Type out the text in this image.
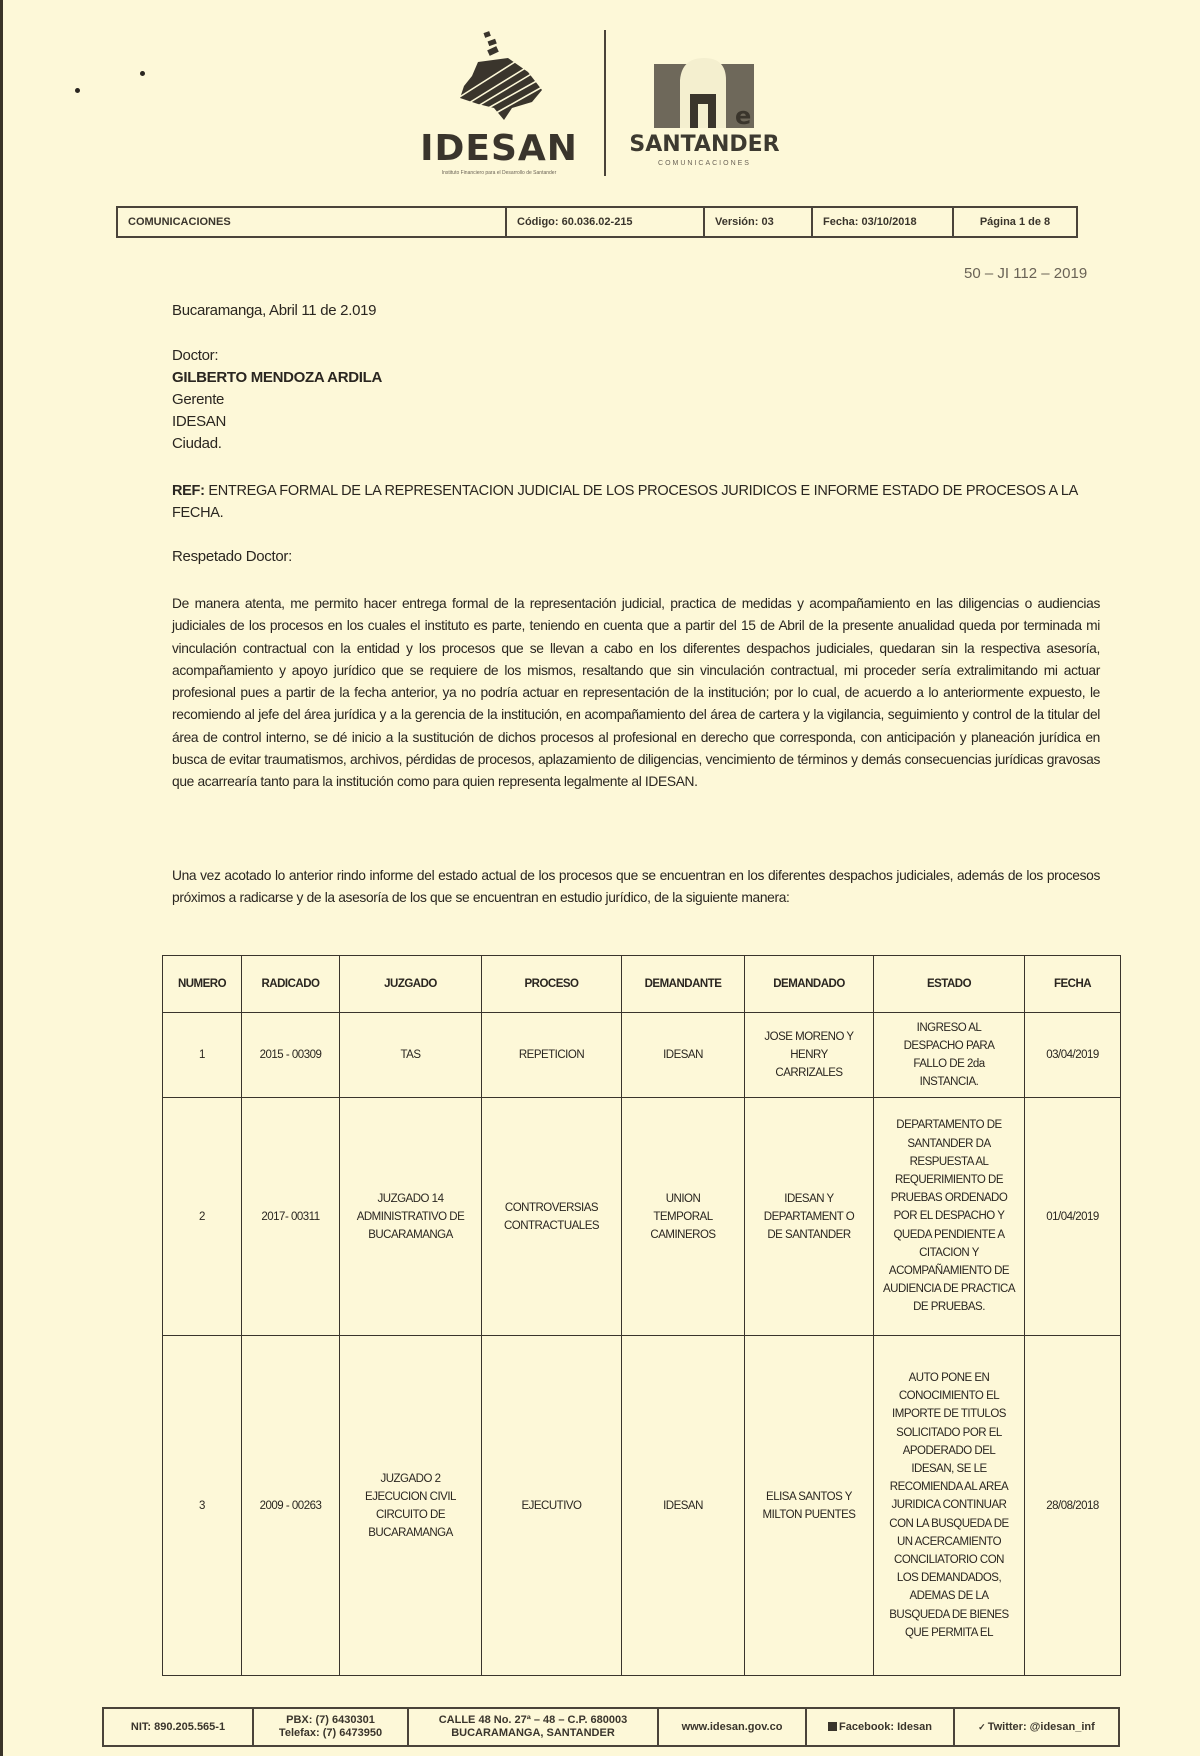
IDESAN
Instituto Financiero para el Desarrollo de Santander
e
SANTANDER
COMUNICACIONES
COMUNICACIONES	Código: 60.036.02-215	Versión: 03	Fecha: 03/10/2018	Página 1 de 8
50 – JI 112 – 2019
Bucaramanga, Abril 11 de 2.019
Doctor:
GILBERTO MENDOZA ARDILA
Gerente
IDESAN
Ciudad.
REF: ENTREGA FORMAL DE LA REPRESENTACION JUDICIAL DE LOS PROCESOS JURIDICOS E INFORME ESTADO DE PROCESOS A LA FECHA.
Respetado Doctor:
De manera atenta, me permito hacer entrega formal de la representación judicial, practica de medidas y acompañamiento en las diligencias o audiencias judiciales de los procesos en los cuales el instituto es parte, teniendo en cuenta que a partir del 15 de Abril de la presente anualidad queda por terminada mi vinculación contractual con la entidad y los procesos que se llevan a cabo en los diferentes despachos judiciales, quedaran sin la respectiva asesoría, acompañamiento y apoyo jurídico que se requiere de los mismos, resaltando que sin vinculación contractual, mi proceder sería extralimitando mi actuar profesional pues a partir de la fecha anterior, ya no podría actuar en representación de la institución; por lo cual, de acuerdo a lo anteriormente expuesto, le recomiendo al jefe del área jurídica y a la gerencia de la institución, en acompañamiento del área de cartera y la vigilancia, seguimiento y control de la titular del área de control interno, se dé inicio a la sustitución de dichos procesos al profesional en derecho que corresponda, con anticipación y planeación jurídica en busca de evitar traumatismos, archivos, pérdidas de procesos, aplazamiento de diligencias, vencimiento de términos y demás consecuencias jurídicas gravosas que acarrearía tanto para la institución como para quien representa legalmente al IDESAN.
Una vez acotado lo anterior rindo informe del estado actual de los procesos que se encuentran en los diferentes despachos judiciales, además de los procesos próximos a radicarse y de la asesoría de los que se encuentran en estudio jurídico, de la siguiente manera:
NUMERO	RADICADO	JUZGADO	PROCESO	DEMANDANTE	DEMANDADO	ESTADO	FECHA
1	2015 - 00309	TAS	REPETICION	IDESAN	JOSE MORENO Y HENRY CARRIZALES	INGRESO AL DESPACHO PARA FALLO DE 2da INSTANCIA.	03/04/2019
2	2017- 00311	JUZGADO 14 ADMINISTRATIVO DE BUCARAMANGA	CONTROVERSIAS CONTRACTUALES	UNION TEMPORAL CAMINEROS	IDESAN Y DEPARTAMENT O DE SANTANDER	DEPARTAMENTO DE SANTANDER DA RESPUESTA AL REQUERIMIENTO DE PRUEBAS ORDENADO POR EL DESPACHO Y QUEDA PENDIENTE A CITACION Y ACOMPAÑAMIENTO DE AUDIENCIA DE PRACTICA DE PRUEBAS.	01/04/2019
3	2009 - 00263	JUZGADO 2 EJECUCION CIVIL CIRCUITO DE BUCARAMANGA	EJECUTIVO	IDESAN	ELISA SANTOS Y MILTON PUENTES	AUTO PONE EN CONOCIMIENTO EL IMPORTE DE TITULOS SOLICITADO POR EL APODERADO DEL IDESAN, SE LE RECOMIENDA AL AREA JURIDICA CONTINUAR CON LA BUSQUEDA DE UN ACERCAMIENTO CONCILIATORIO CON LOS DEMANDADOS, ADEMAS DE LA BUSQUEDA DE BIENES QUE PERMITA EL	28/08/2018
NIT: 890.205.565-1
PBX: (7) 6430301
Telefax: (7) 6473950
CALLE 48 No. 27ª – 48 – C.P. 680003
BUCARAMANGA, SANTANDER
www.idesan.gov.co	Facebook: Idesan	✓ Twitter: @idesan_inf
